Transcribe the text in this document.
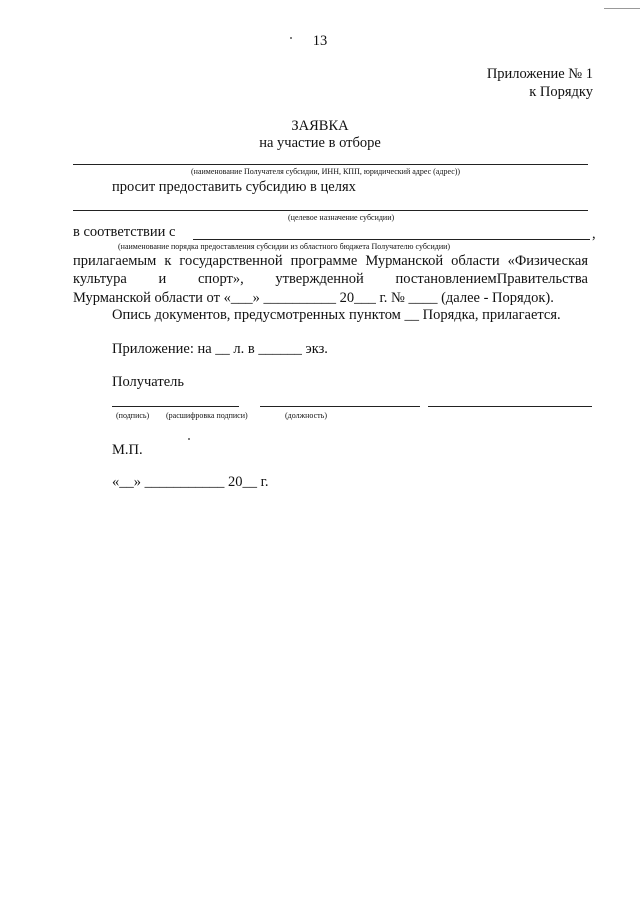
13
Приложение № 1
к Порядку
ЗАЯВКА
на участие в отборе
(наименование Получателя субсидии, ИНН, КПП, юридический адрес (адрес))
просит предоставить субсидию в целях
(целевое назначение субсидии)
в соответствии с	,
(наименование порядка предоставления субсидии из областного бюджета Получателю субсидии)
прилагаемым к государственной программе Мурманской области «Физическая
культура и спорт», утвержденной постановлениемПравительства
Мурманской области от «___» __________ 20___ г. № ____ (далее - Порядок).
Опись документов, предусмотренных пунктом __ Порядка, прилагается.
Приложение: на __ л. в ______ экз.
Получатель
(подпись) (расшифровка подписи)	(должность)
М.П.
«__» ___________ 20__ г.
